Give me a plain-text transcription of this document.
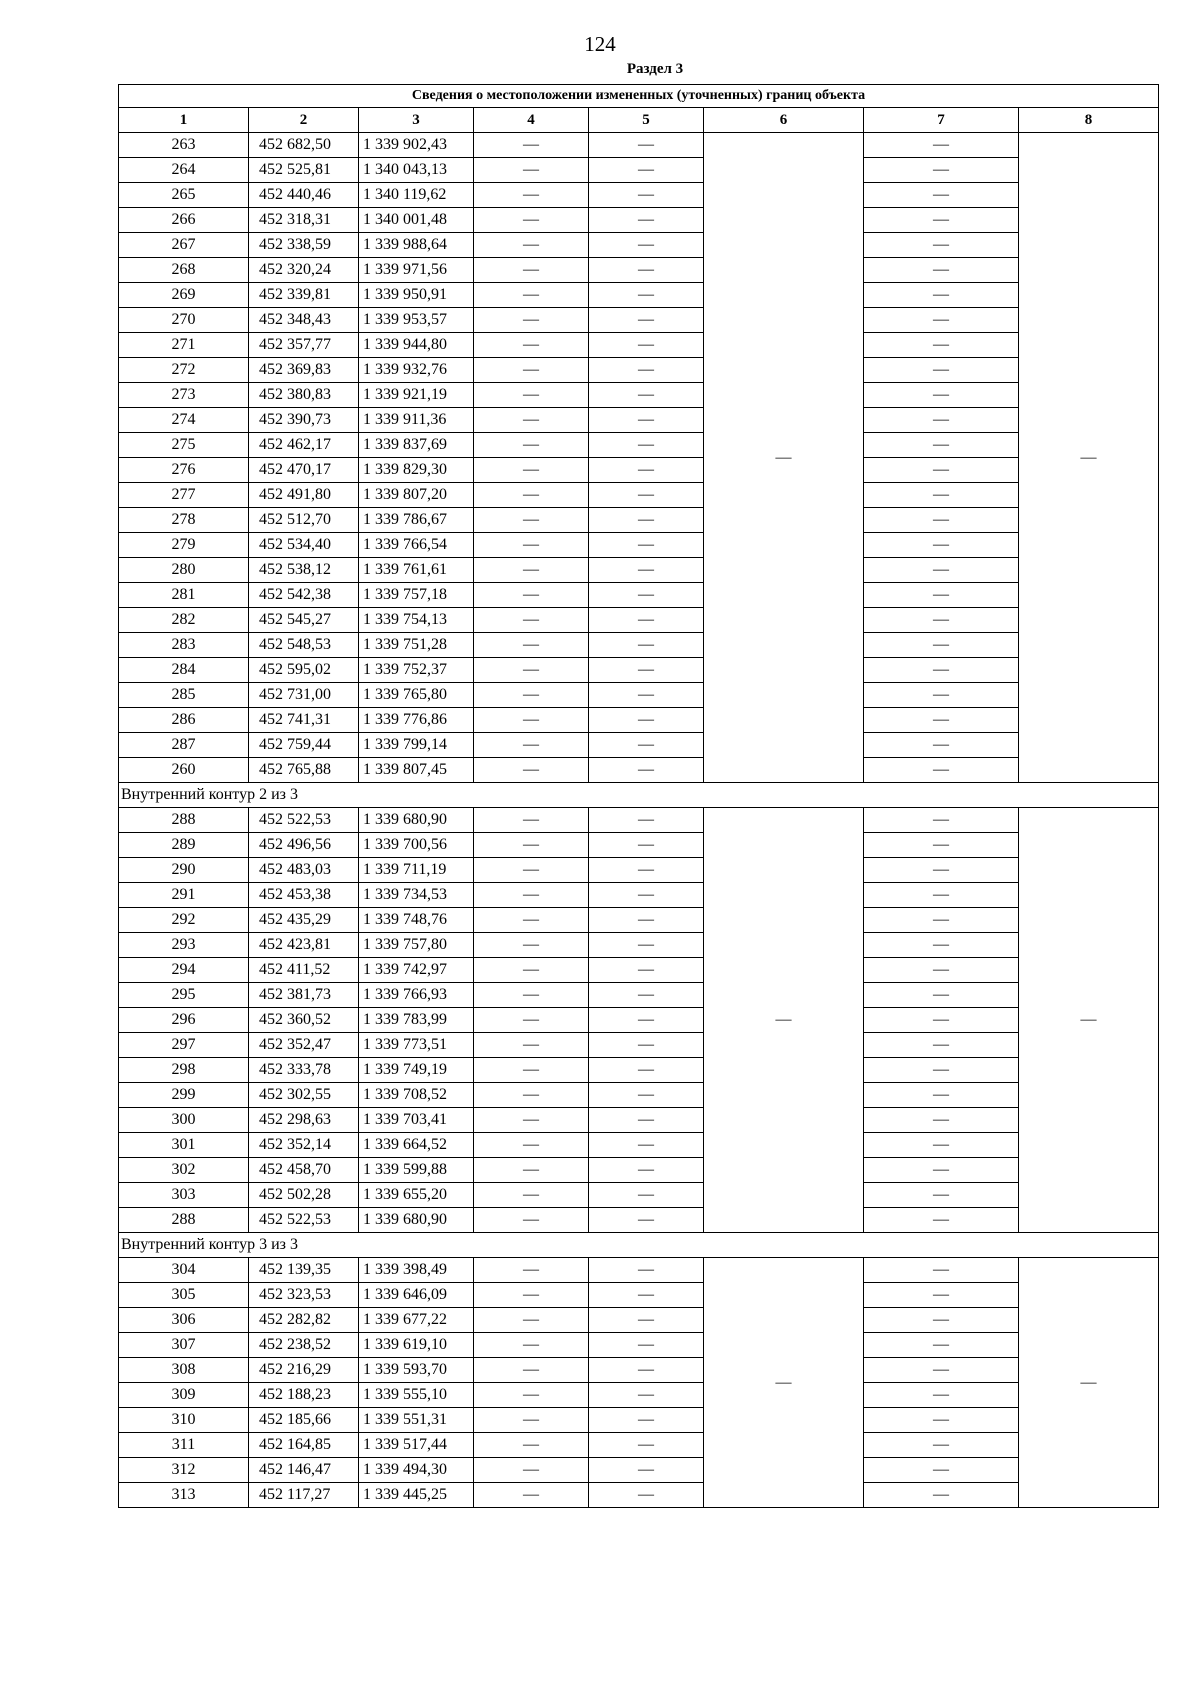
124
Раздел 3
Сведения о местоположении измененных (уточненных) границ объекта							
1	2	3	4	5	6	7	8
263	452 682,50	1 339 902,43	—	—	—	—	—
264	452 525,81	1 340 043,13	—	—		—	
265	452 440,46	1 340 119,62	—	—		—	
266	452 318,31	1 340 001,48	—	—		—	
267	452 338,59	1 339 988,64	—	—		—	
268	452 320,24	1 339 971,56	—	—		—	
269	452 339,81	1 339 950,91	—	—		—	
270	452 348,43	1 339 953,57	—	—		—	
271	452 357,77	1 339 944,80	—	—		—	
272	452 369,83	1 339 932,76	—	—		—	
273	452 380,83	1 339 921,19	—	—		—	
274	452 390,73	1 339 911,36	—	—		—	
275	452 462,17	1 339 837,69	—	—		—	
276	452 470,17	1 339 829,30	—	—		—	
277	452 491,80	1 339 807,20	—	—		—	
278	452 512,70	1 339 786,67	—	—		—	
279	452 534,40	1 339 766,54	—	—		—	
280	452 538,12	1 339 761,61	—	—		—	
281	452 542,38	1 339 757,18	—	—		—	
282	452 545,27	1 339 754,13	—	—		—	
283	452 548,53	1 339 751,28	—	—		—	
284	452 595,02	1 339 752,37	—	—		—	
285	452 731,00	1 339 765,80	—	—		—	
286	452 741,31	1 339 776,86	—	—		—	
287	452 759,44	1 339 799,14	—	—		—	
260	452 765,88	1 339 807,45	—	—		—	
Внутренний контур 2 из 3							
288	452 522,53	1 339 680,90	—	—	—	—	—
289	452 496,56	1 339 700,56	—	—		—	
290	452 483,03	1 339 711,19	—	—		—	
291	452 453,38	1 339 734,53	—	—		—	
292	452 435,29	1 339 748,76	—	—		—	
293	452 423,81	1 339 757,80	—	—		—	
294	452 411,52	1 339 742,97	—	—		—	
295	452 381,73	1 339 766,93	—	—		—	
296	452 360,52	1 339 783,99	—	—		—	
297	452 352,47	1 339 773,51	—	—		—	
298	452 333,78	1 339 749,19	—	—		—	
299	452 302,55	1 339 708,52	—	—		—	
300	452 298,63	1 339 703,41	—	—		—	
301	452 352,14	1 339 664,52	—	—		—	
302	452 458,70	1 339 599,88	—	—		—	
303	452 502,28	1 339 655,20	—	—		—	
288	452 522,53	1 339 680,90	—	—		—	
Внутренний контур 3 из 3							
304	452 139,35	1 339 398,49	—	—	—	—	—
305	452 323,53	1 339 646,09	—	—		—	
306	452 282,82	1 339 677,22	—	—		—	
307	452 238,52	1 339 619,10	—	—		—	
308	452 216,29	1 339 593,70	—	—		—	
309	452 188,23	1 339 555,10	—	—		—	
310	452 185,66	1 339 551,31	—	—		—	
311	452 164,85	1 339 517,44	—	—		—	
312	452 146,47	1 339 494,30	—	—		—	
313	452 117,27	1 339 445,25	—	—		—	
